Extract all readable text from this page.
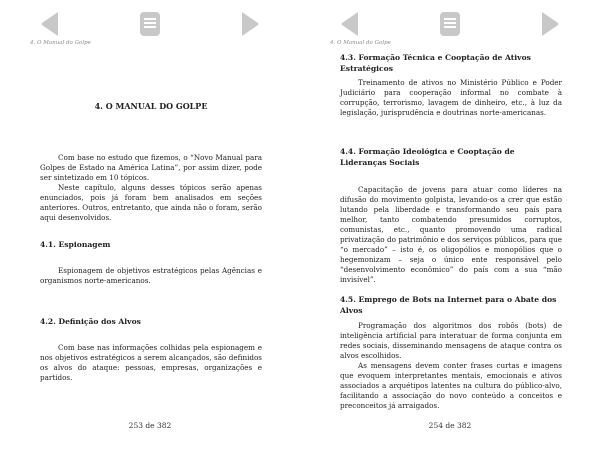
4. O Manual do Golpe
4. O MANUAL DO GOLPE

Com base no estudo que fizemos, o “Novo Manual para Golpes de Estado na América Latina”, por assim dizer, pode ser sintetizado em 10 tópicos.

Neste capítulo, alguns desses tópicos serão apenas enunciados, pois já foram bem analisados em seções anteriores. Outros, entretanto, que ainda não o foram, serão aqui desenvolvidos.

4.1. Espionagem

Espionagem de objetivos estratégicos pelas Agências e organismos norte-americanos.

4.2. Definição dos Alvos

Com base nas informações colhidas pela espionagem e nos objetivos estratégicos a serem alcançados, são definidos os alvos do ataque: pessoas, empresas, organizações e partidos.

253 de 382
4. O Manual do Golpe
4.3. Formação Técnica e Cooptação de Ativos Estratégicos

Treinamento de ativos no Ministério Público e Poder Judiciário para cooperação informal no combate à corrupção, terrorismo, lavagem de dinheiro, etc., à luz da legislação, jurisprudência e doutrinas norte-americanas.

4.4. Formação Ideológica e Cooptação de Lideranças Sociais

Capacitação de jovens para atuar como líderes na difusão do movimento golpista, levando-os a crer que estão lutando pela liberdade e transformando seu país para melhor, tanto combatendo presumidos corruptos, comunistas, etc., quanto promovendo uma radical privatização do patrimônio e dos serviços públicos, para que “o mercado” – isto é, os oligopólios e monopólios que o hegemonizam – seja o único ente responsável pelo “desenvolvimento econômico” do país com a sua “mão invisível”.

4.5. Emprego de Bots na Internet para o Abate dos Alvos

Programação dos algoritmos dos robôs (bots) de inteligência artificial para interatuar de forma conjunta em redes sociais, disseminando mensagens de ataque contra os alvos escolhidos.

As mensagens devem conter frases curtas e imagens que evoquem interpretantes mentais, emocionais e ativos associados a arquétipos latentes na cultura do público-alvo, facilitando a associação do novo conteúdo a conceitos e preconceitos já arraigados.

254 de 382
